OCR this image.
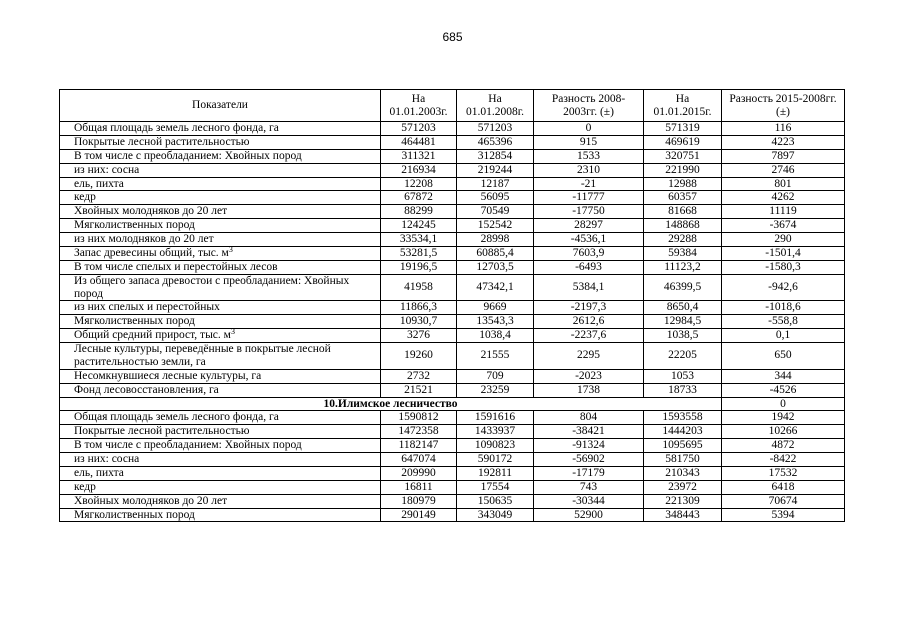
685
Показатели	На 01.01.2003г.	На 01.01.2008г.	Разность 2008-2003гг. (±)	На 01.01.2015г.	Разность 2015-2008гг. (±)
Общая площадь земель лесного фонда, га	571203	571203	0	571319	116
Покрытые лесной растительностью	464481	465396	915	469619	4223
В том числе с преобладанием: Хвойных пород	311321	312854	1533	320751	7897
из них: сосна	216934	219244	2310	221990	2746
ель, пихта	12208	12187	-21	12988	801
кедр	67872	56095	-11777	60357	4262
Хвойных молодняков до 20 лет	88299	70549	-17750	81668	11119
Мягколиственных пород	124245	152542	28297	148868	-3674
из них молодняков до 20 лет	33534,1	28998	-4536,1	29288	290
Запас древесины общий, тыс. $м^3$	53281,5	60885,4	7603,9	59384	-1501,4
В том числе спелых и перестойных лесов	19196,5	12703,5	-6493	11123,2	-1580,3
Из общего запаса древостои с преобладанием: Хвойных пород	41958	47342,1	5384,1	46399,5	-942,6
из них спелых и перестойных	11866,3	9669	-2197,3	8650,4	-1018,6
Мягколиственных пород	10930,7	13543,3	2612,6	12984,5	-558,8
Общий средний прирост, тыс. $м^3$	3276	1038,4	-2237,6	1038,5	0,1
Лесные культуры, переведённые в покрытые лесной растительностью земли, га	19260	21555	2295	22205	650
Несомкнувшиеся лесные культуры, га	2732	709	-2023	1053	344
Фонд лесовосстановления, га	21521	23259	1738	18733	-4526
10.Илимское лесничество					0
Общая площадь земель лесного фонда, га	1590812	1591616	804	1593558	1942
Покрытые лесной растительностью	1472358	1433937	-38421	1444203	10266
В том числе с преобладанием: Хвойных пород	1182147	1090823	-91324	1095695	4872
из них: сосна	647074	590172	-56902	581750	-8422
ель, пихта	209990	192811	-17179	210343	17532
кедр	16811	17554	743	23972	6418
Хвойных молодняков до 20 лет	180979	150635	-30344	221309	70674
Мягколиственных пород	290149	343049	52900	348443	5394
